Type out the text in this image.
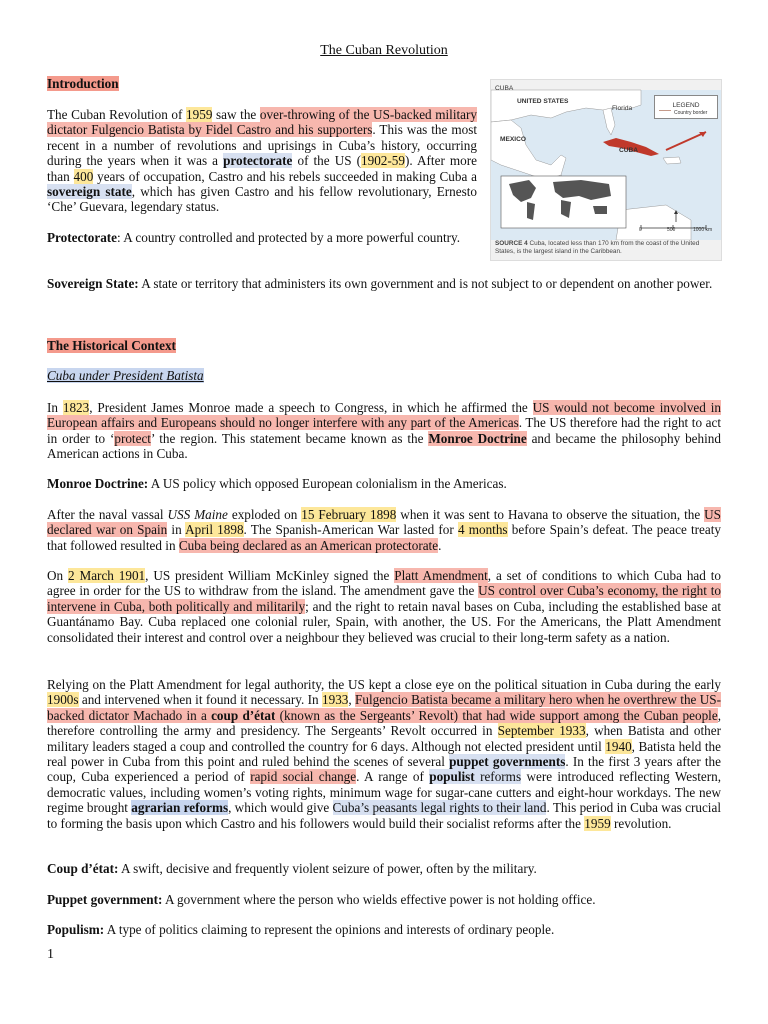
The Cuban Revolution

Introduction

The Cuban Revolution of 1959 saw the over-throwing of the US-backed military dictator Fulgencio Batista by Fidel Castro and his supporters. This was the most recent in a number of revolutions and uprisings in Cuba’s history, occurring during the years when it was a protectorate of the US (1902-59). After more than 400 years of occupation, Castro and his rebels succeeded in making Cuba a sovereign state, which has given Castro and his fellow revolutionary, Ernesto ‘Che’ Guevara, legendary status.

Protectorate: A country controlled and protected by a more powerful country.

Sovereign State: A state or territory that administers its own government and is not subject to or dependent on another power.

The Historical Context

Cuba under President Batista

In 1823, President James Monroe made a speech to Congress, in which he affirmed the US would not become involved in European affairs and Europeans should no longer interfere with any part of the Americas. The US therefore had the right to act in order to ‘protect’ the region. This statement became known as the Monroe Doctrine and became the philosophy behind American actions in Cuba.

Monroe Doctrine: A US policy which opposed European colonialism in the Americas.

After the naval vassal USS Maine exploded on 15 February 1898 when it was sent to Havana to observe the situation, the US declared war on Spain in April 1898. The Spanish-American War lasted for 4 months before Spain’s defeat. The peace treaty that followed resulted in Cuba being declared as an American protectorate.

On 2 March 1901, US president William McKinley signed the Platt Amendment, a set of conditions to which Cuba had to agree in order for the US to withdraw from the island. The amendment gave the US control over Cuba’s economy, the right to intervene in Cuba, both politically and militarily; and the right to retain naval bases on Cuba, including the established base at Guantánamo Bay. Cuba replaced one colonial ruler, Spain, with another, the US. For the Americans, the Platt Amendment consolidated their interest and control over a neighbour they believed was crucial to their long-term safety as a nation.

Relying on the Platt Amendment for legal authority, the US kept a close eye on the political situation in Cuba during the early 1900s and intervened when it found it necessary. In 1933, Fulgencio Batista became a military hero when he overthrew the US-backed dictator Machado in a coup d’état (known as the Sergeants’ Revolt) that had wide support among the Cuban people, therefore controlling the army and presidency. The Sergeants’ Revolt occurred in September 1933, when Batista and other military leaders staged a coup and controlled the country for 6 days. Although not elected president until 1940, Batista held the real power in Cuba from this point and ruled behind the scenes of several puppet governments. In the first 3 years after the coup, Cuba experienced a period of rapid social change. A range of populist reforms were introduced reflecting Western, democratic values, including women’s voting rights, minimum wage for sugar-cane cutters and eight-hour workdays. The new regime brought agrarian reforms, which would give Cuba’s peasants legal rights to their land. This period in Cuba was crucial to forming the basis upon which Castro and his followers would build their socialist reforms after the 1959 revolution.

Coup d’état: A swift, decisive and frequently violent seizure of power, often by the military.

Puppet government: A government where the person who wields effective power is not holding office.

Populism: A type of politics claiming to represent the opinions and interests of ordinary people.

1
CUBA
UNITED STATES
Florida
MEXICO
CUBA
LEGEND
Country border
0	500	1000 km
SOURCE 4 Cuba, located less than 170 km from the coast of the United States, is the largest island in the Caribbean.
